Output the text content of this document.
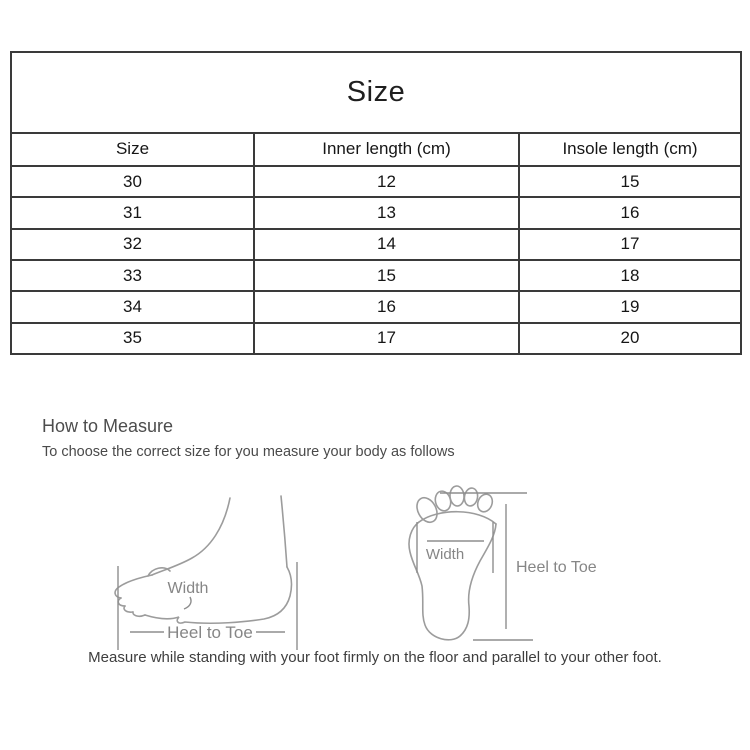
Size		
Size	Inner length (cm)	Insole length (cm)
30	12	15
31	13	16
32	14	17
33	15	18
34	16	19
35	17	20
How to Measure
To choose the correct size for you measure your body as follows
Heel to Toe
Width
Width
Heel to Toe
Measure while standing with your foot firmly on the floor and parallel to your other foot.
